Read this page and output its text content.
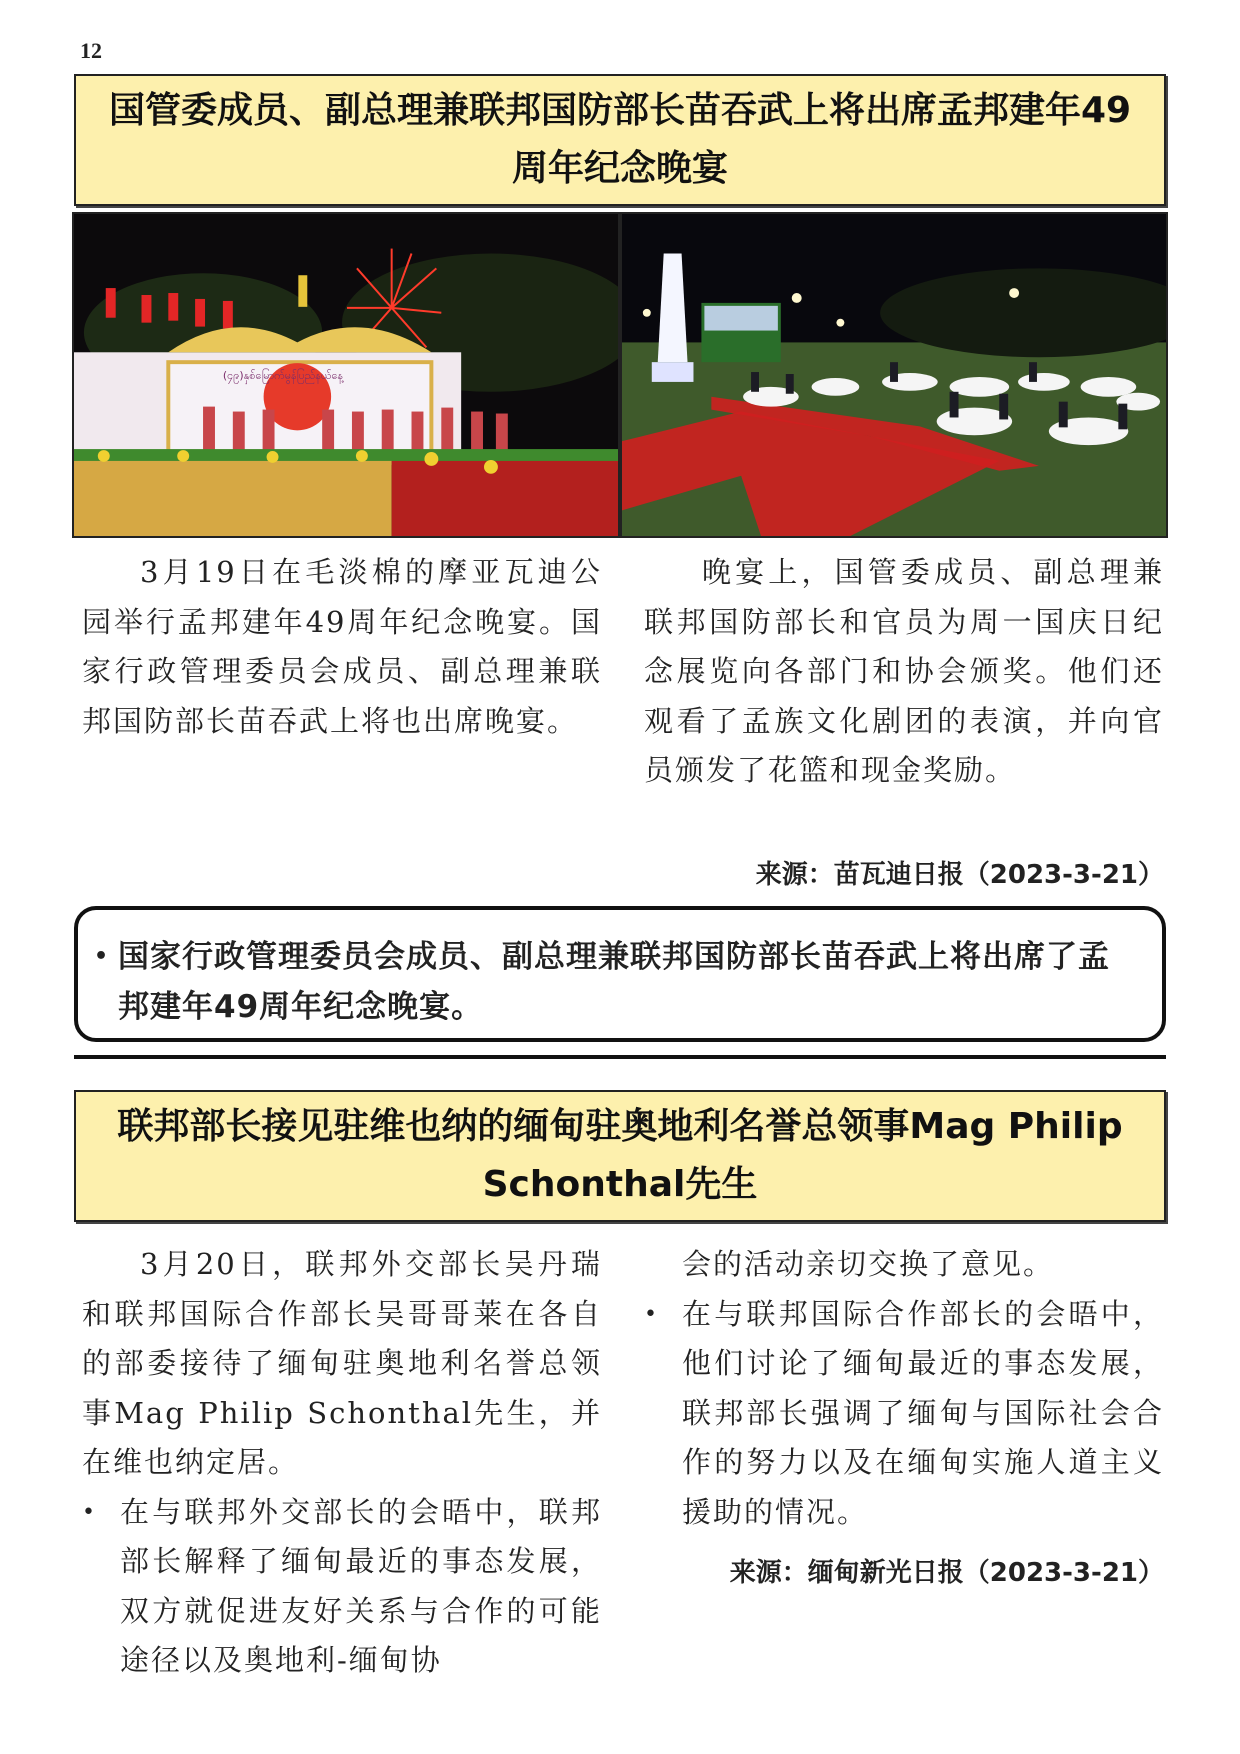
12
国管委成员、副总理兼联邦国防部长苗吞武上将出席孟邦建年49周年纪念晚宴
(၄၉)နှစ်မြောက်မွန်ပြည်နယ်နေ့

3月19日在毛淡棉的摩亚瓦迪公园举行孟邦建年49周年纪念晚宴。国家行政管理委员会成员、副总理兼联邦国防部长苗吞武上将也出席晚宴。

晚宴上，国管委成员、副总理兼联邦国防部长和官员为周一国庆日纪念展览向各部门和协会颁奖。他们还观看了孟族文化剧团的表演，并向官员颁发了花篮和现金奖励。

来源：苗瓦迪日报（2023-3-21）
• 国家行政管理委员会成员、副总理兼联邦国防部长苗吞武上将出席了孟邦建年49周年纪念晚宴。
联邦部长接见驻维也纳的缅甸驻奥地利名誉总领事Mag Philip Schonthal先生

3月20日，联邦外交部长吴丹瑞和联邦国际合作部长吴哥哥莱在各自的部委接待了缅甸驻奥地利名誉总领事Mag Philip Schonthal先生，并在维也纳定居。

• 在与联邦外交部长的会晤中，联邦部长解释了缅甸最近的事态发展，双方就促进友好关系与合作的可能途径以及奥地利-缅甸协
会的活动亲切交换了意见。
• 在与联邦国际合作部长的会晤中，他们讨论了缅甸最近的事态发展，联邦部长强调了缅甸与国际社会合作的努力以及在缅甸实施人道主义援助的情况。
来源：缅甸新光日报（2023-3-21）
